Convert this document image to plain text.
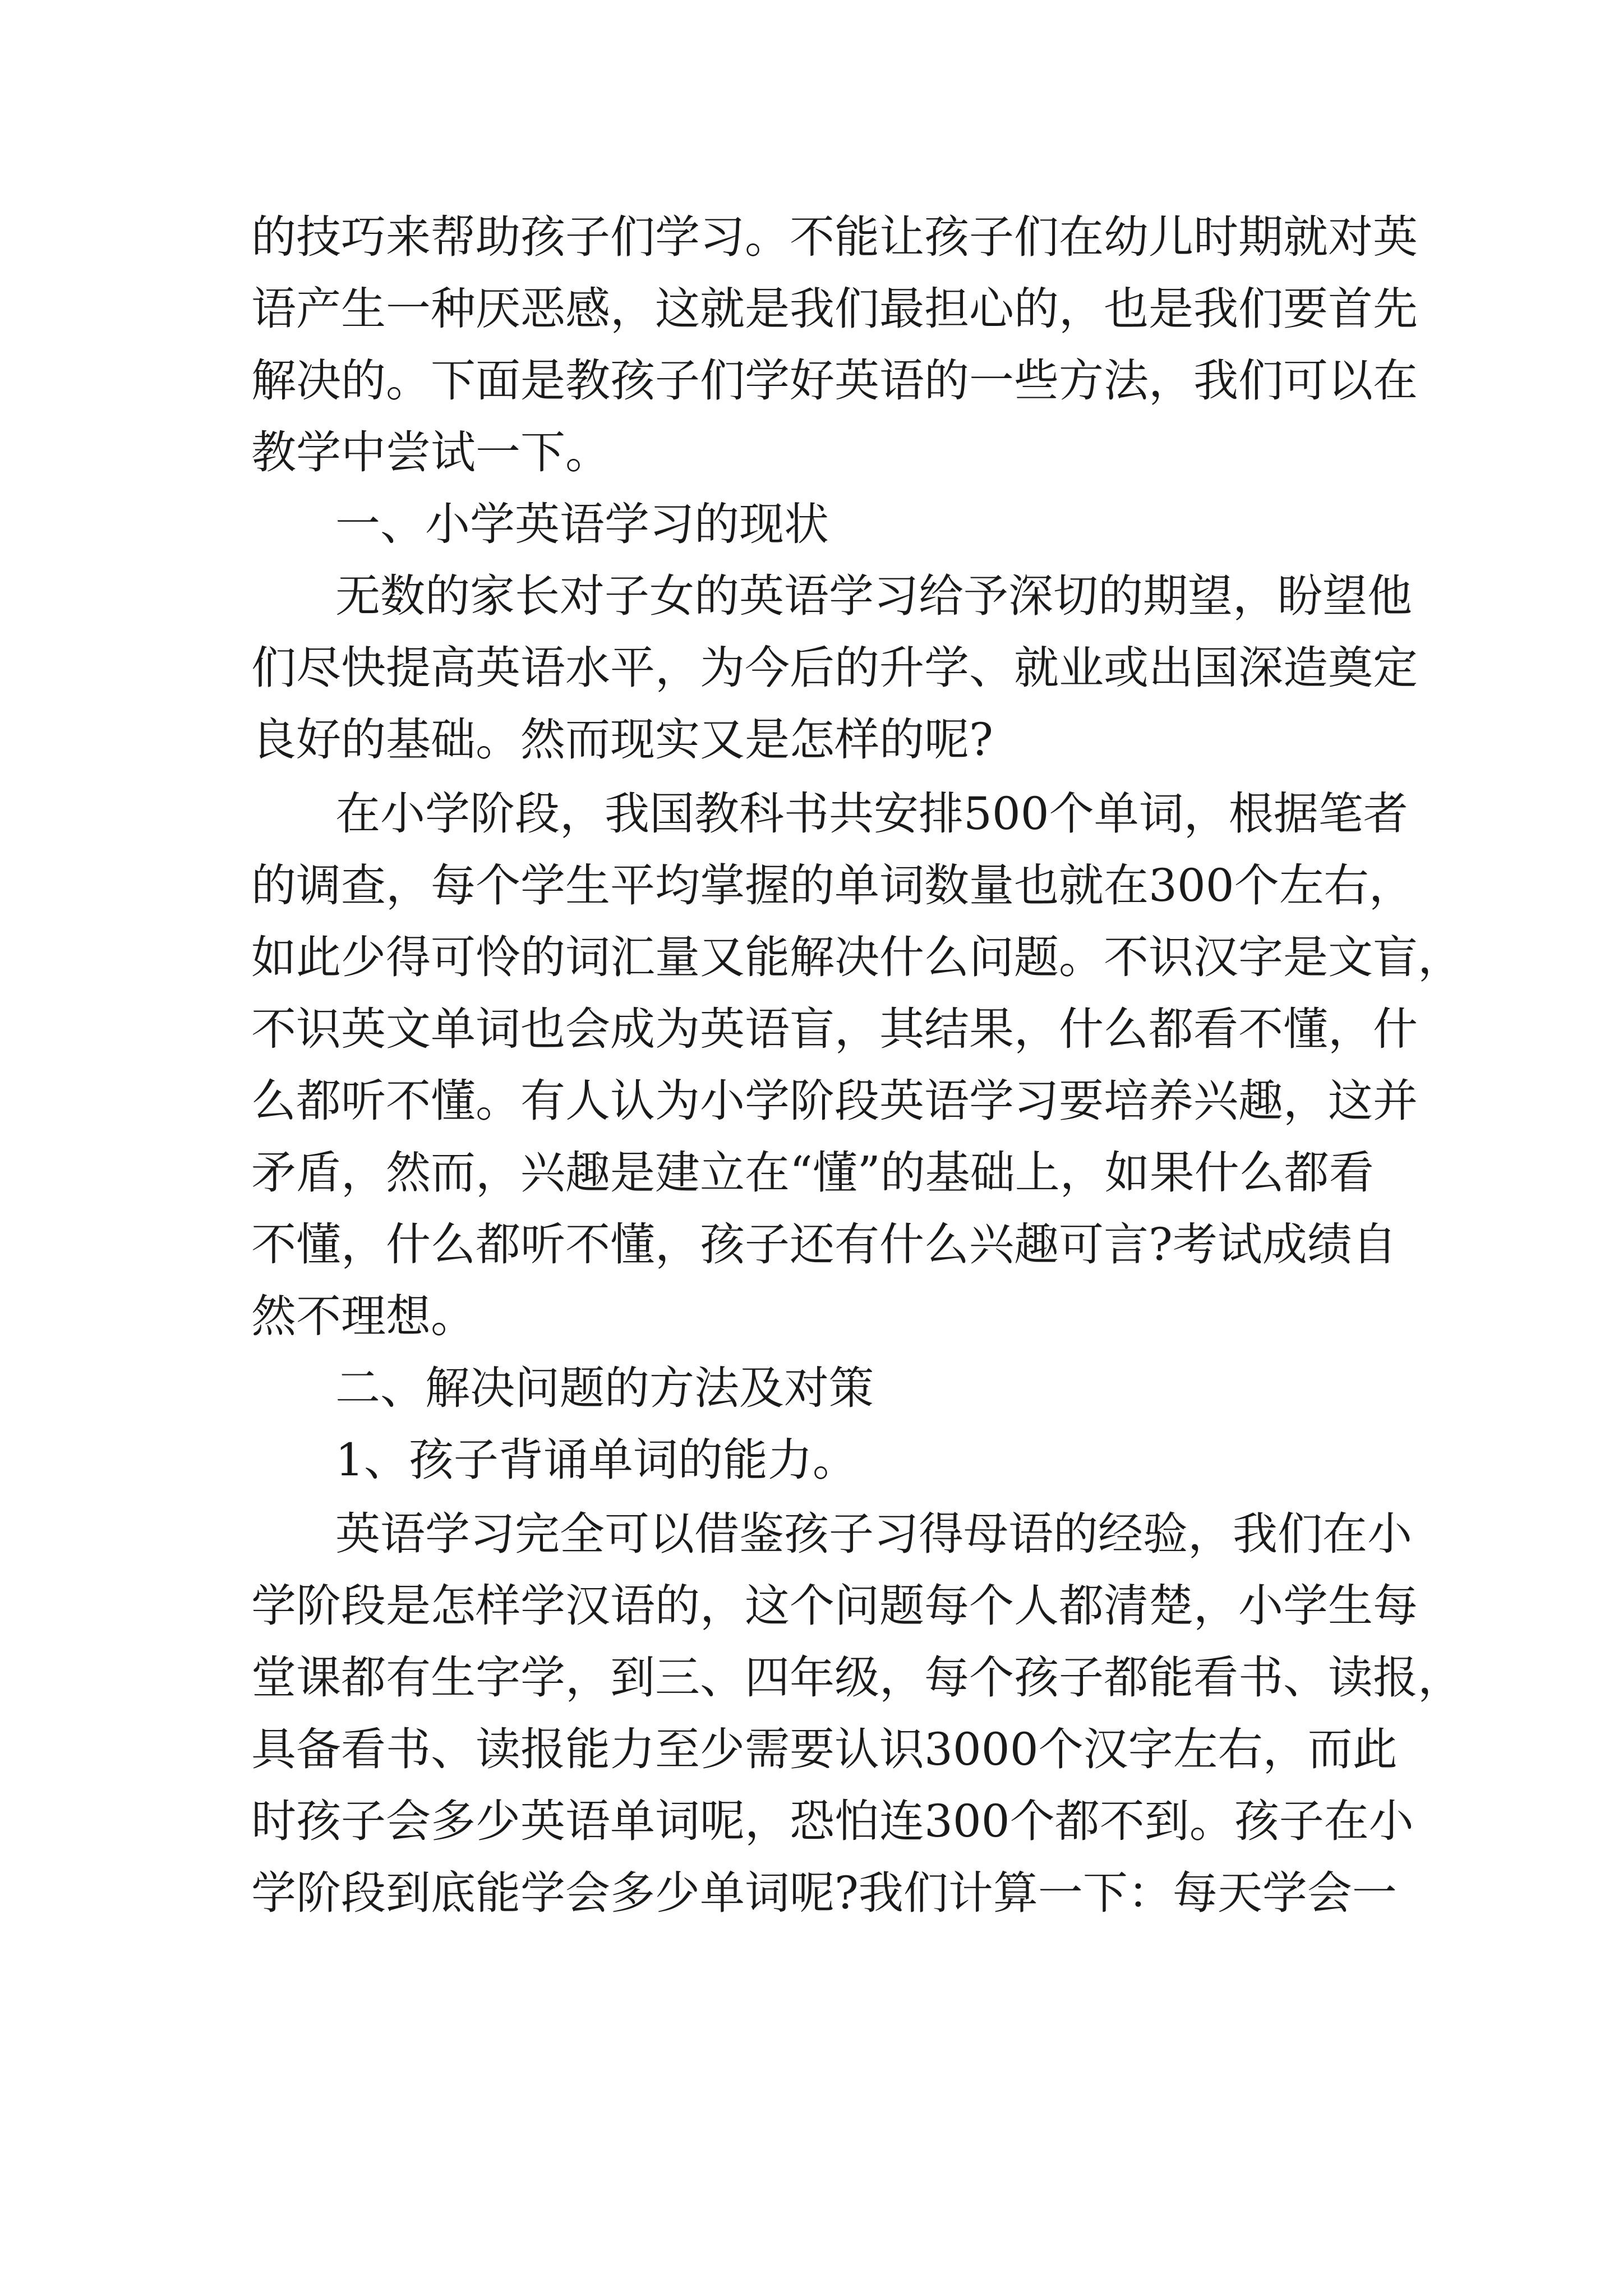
的技巧来帮助孩子们学习。不能让孩子们在幼儿时期就对英

语产生一种厌恶感，这就是我们最担心的，也是我们要首先

解决的。下面是教孩子们学好英语的一些方法，我们可以在

教学中尝试一下。

一、小学英语学习的现状

无数的家长对子女的英语学习给予深切的期望，盼望他

们尽快提高英语水平，为今后的升学、就业或出国深造奠定

良好的基础。然而现实又是怎样的呢?

在小学阶段，我国教科书共安排500个单词，根据笔者

的调查，每个学生平均掌握的单词数量也就在300个左右，

如此少得可怜的词汇量又能解决什么问题。不识汉字是文盲，

不识英文单词也会成为英语盲，其结果，什么都看不懂，什

么都听不懂。有人认为小学阶段英语学习要培养兴趣，这并

矛盾，然而，兴趣是建立在“懂”的基础上，如果什么都看

不懂，什么都听不懂，孩子还有什么兴趣可言?考试成绩自

然不理想。

二、解决问题的方法及对策

1、孩子背诵单词的能力。

英语学习完全可以借鉴孩子习得母语的经验，我们在小

学阶段是怎样学汉语的，这个问题每个人都清楚，小学生每

堂课都有生字学，到三、四年级，每个孩子都能看书、读报，

具备看书、读报能力至少需要认识3000个汉字左右，而此

时孩子会多少英语单词呢，恐怕连300个都不到。孩子在小

学阶段到底能学会多少单词呢?我们计算一下：每天学会一
